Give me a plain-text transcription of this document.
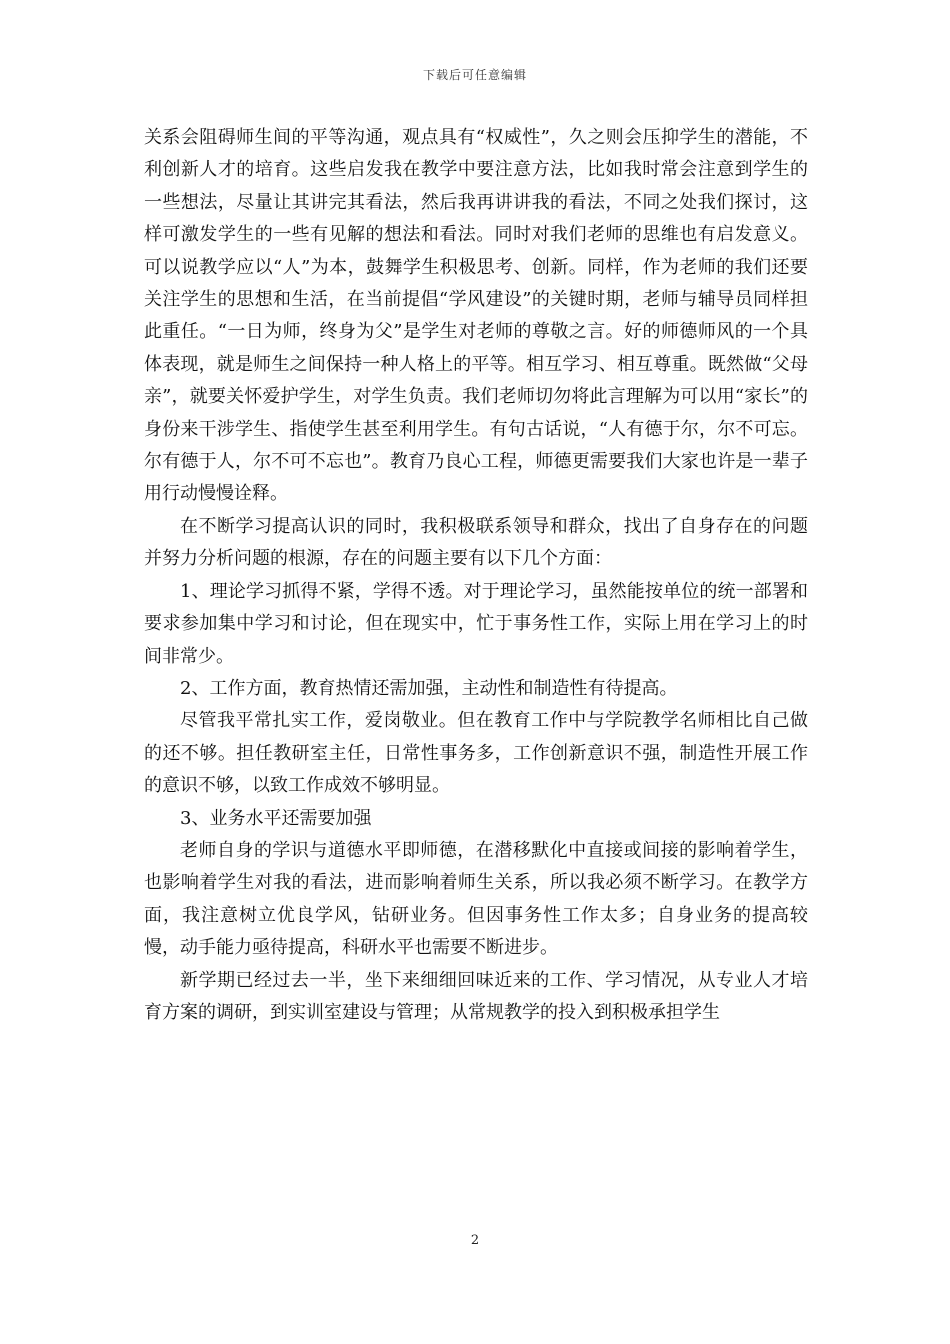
下载后可任意编辑

关系会阻碍师生间的平等沟通，观点具有“权威性”，久之则会压抑学生的潜能，不利创新人才的培育。这些启发我在教学中要注意方法，比如我时常会注意到学生的一些想法，尽量让其讲完其看法，然后我再讲讲我的看法，不同之处我们探讨，这样可激发学生的一些有见解的想法和看法。同时对我们老师的思维也有启发意义。可以说教学应以“人”为本，鼓舞学生积极思考、创新。同样，作为老师的我们还要关注学生的思想和生活，在当前提倡“学风建设”的关键时期，老师与辅导员同样担此重任。“一日为师，终身为父”是学生对老师的尊敬之言。好的师德师风的一个具体表现，就是师生之间保持一种人格上的平等。相互学习、相互尊重。既然做“父母亲”，就要关怀爱护学生，对学生负责。我们老师切勿将此言理解为可以用“家长”的身份来干涉学生、指使学生甚至利用学生。有句古话说，“人有德于尔，尔不可忘。尔有德于人，尔不可不忘也”。教育乃良心工程，师德更需要我们大家也许是一辈子用行动慢慢诠释。

在不断学习提高认识的同时，我积极联系领导和群众，找出了自身存在的问题并努力分析问题的根源，存在的问题主要有以下几个方面：

1、理论学习抓得不紧，学得不透。对于理论学习，虽然能按单位的统一部署和要求参加集中学习和讨论，但在现实中，忙于事务性工作，实际上用在学习上的时间非常少。

2、工作方面，教育热情还需加强，主动性和制造性有待提高。

尽管我平常扎实工作，爱岗敬业。但在教育工作中与学院教学名师相比自己做的还不够。担任教研室主任，日常性事务多，工作创新意识不强，制造性开展工作的意识不够，以致工作成效不够明显。

3、业务水平还需要加强

老师自身的学识与道德水平即师德，在潜移默化中直接或间接的影响着学生，也影响着学生对我的看法，进而影响着师生关系，所以我必须不断学习。在教学方面，我注意树立优良学风，钻研业务。但因事务性工作太多；自身业务的提高较慢，动手能力亟待提高，科研水平也需要不断进步。

新学期已经过去一半，坐下来细细回味近来的工作、学习情况，从专业人才培育方案的调研，到实训室建设与管理；从常规教学的投入到积极承担学生

2
